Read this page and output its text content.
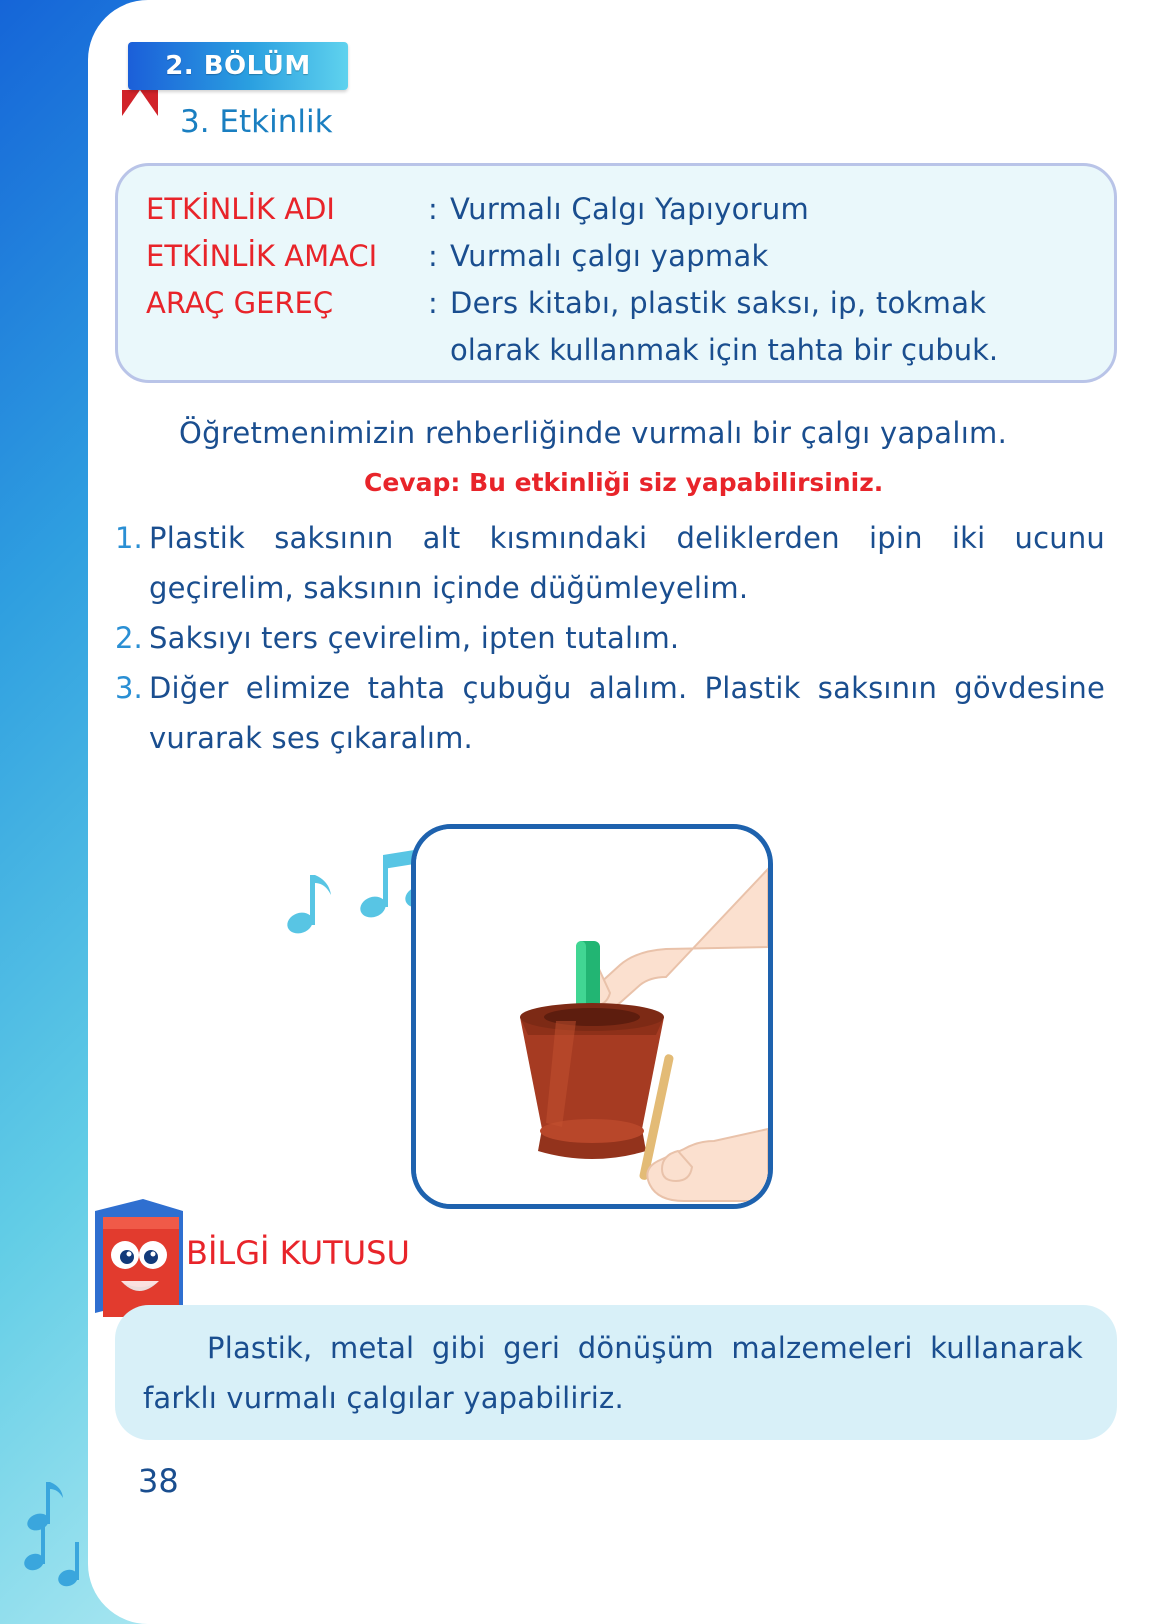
2. BÖLÜM
3. Etkinlik
ETKİNLİK ADI	: Vurmalı Çalgı Yapıyorum
ETKİNLİK AMACI	: Vurmalı çalgı yapmak
ARAÇ GEREÇ	: Ders kitabı, plastik saksı, ip, tokmak
olarak kullanmak için tahta bir çubuk.
Öğretmenimizin rehberliğinde vurmalı bir çalgı yapalım.
Cevap: Bu etkinliği siz yapabilirsiniz.
1. Plastik saksının alt kısmındaki deliklerden ipin iki ucunu geçirelim, saksının içinde düğümleyelim.
2. Saksıyı ters çevirelim, ipten tutalım.
3. Diğer elimize tahta çubuğu alalım. Plastik saksının gövdesine vurarak ses çıkaralım.
BİLGİ KUTUSU
Plastik, metal gibi geri dönüşüm malzemeleri kullanarak farklı vurmalı çalgılar yapabiliriz.
38
